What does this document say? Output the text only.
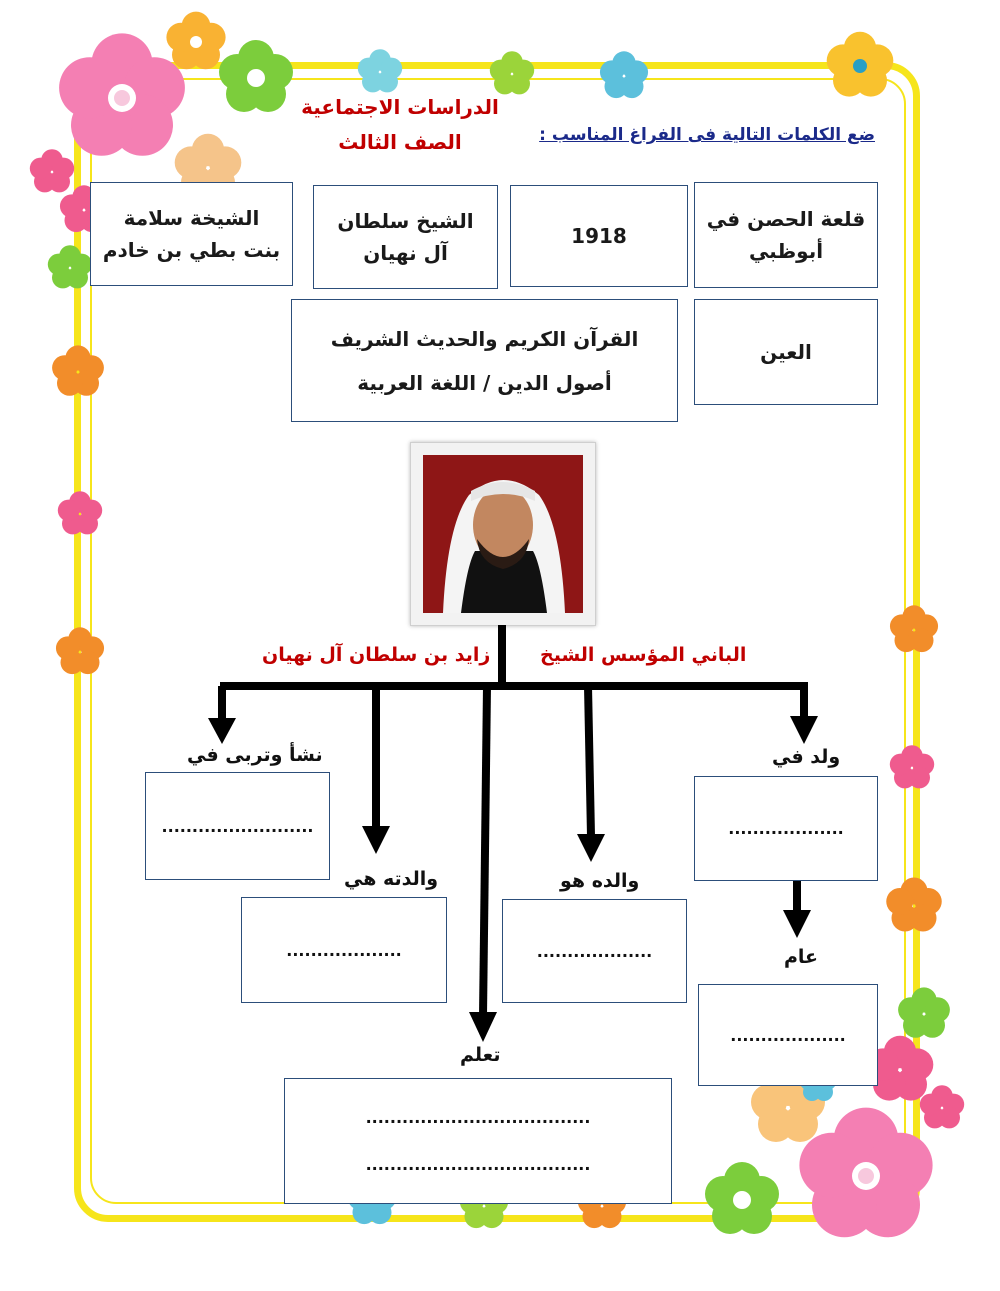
الدراسات الاجتماعية
الصف الثالث	ضع الكلمات التالية فى الفراغ المناسب :
قلعة الحصن في
أبوظبي
1918
الشيخ سلطان
آل نهيان
الشيخة سلامة
بنت بطي بن خادم
العين
القرآن الكريم والحديث الشريف
أصول الدين / اللغة العربية
زايد بن سلطان آل نهيان	الباني المؤسس الشيخ
ولد في
نشأ وتربى في
والدته هي	والده هو
عام
تعلم
...................
.........................
...................	...................
...................
.....................................
.....................................
